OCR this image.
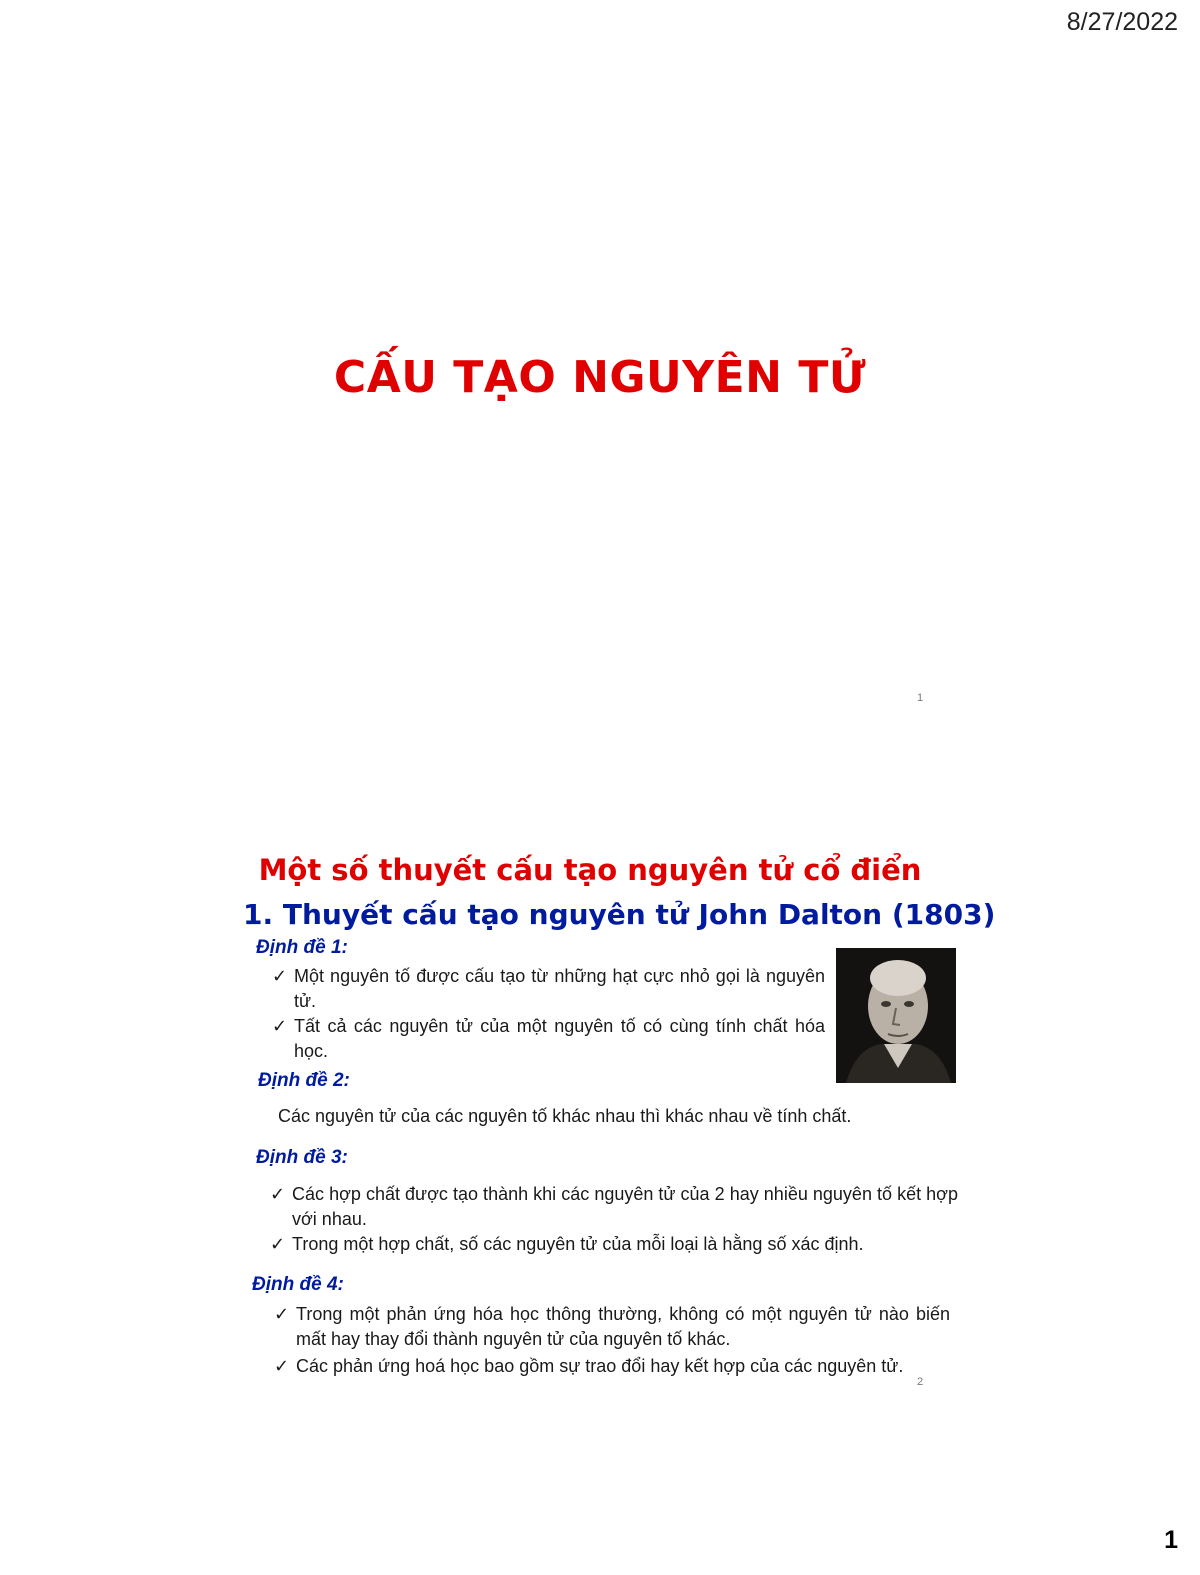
8/27/2022
CẤU TẠO NGUYÊN TỬ
1
Một số thuyết cấu tạo nguyên tử cổ điển
1. Thuyết cấu tạo nguyên tử John Dalton (1803)
Định đề 1:
✓ Một nguyên tố được cấu tạo từ những hạt cực nhỏ gọi là nguyên tử.
✓ Tất cả các nguyên tử của một nguyên tố có cùng tính chất hóa học.
Định đề 2:
Các nguyên tử của các nguyên tố khác nhau thì khác nhau về tính chất.
Định đề 3:
✓ Các hợp chất được tạo thành khi các nguyên tử của 2 hay nhiều nguyên tố kết hợp với nhau.
✓ Trong một hợp chất, số các nguyên tử của mỗi loại là hằng số xác định.
Định đề 4:
✓ Trong một phản ứng hóa học thông thường, không có một nguyên tử nào biến mất hay thay đổi thành nguyên tử của nguyên tố khác.
✓ Các phản ứng hoá học bao gồm sự trao đổi hay kết hợp của các nguyên tử.
2
1
